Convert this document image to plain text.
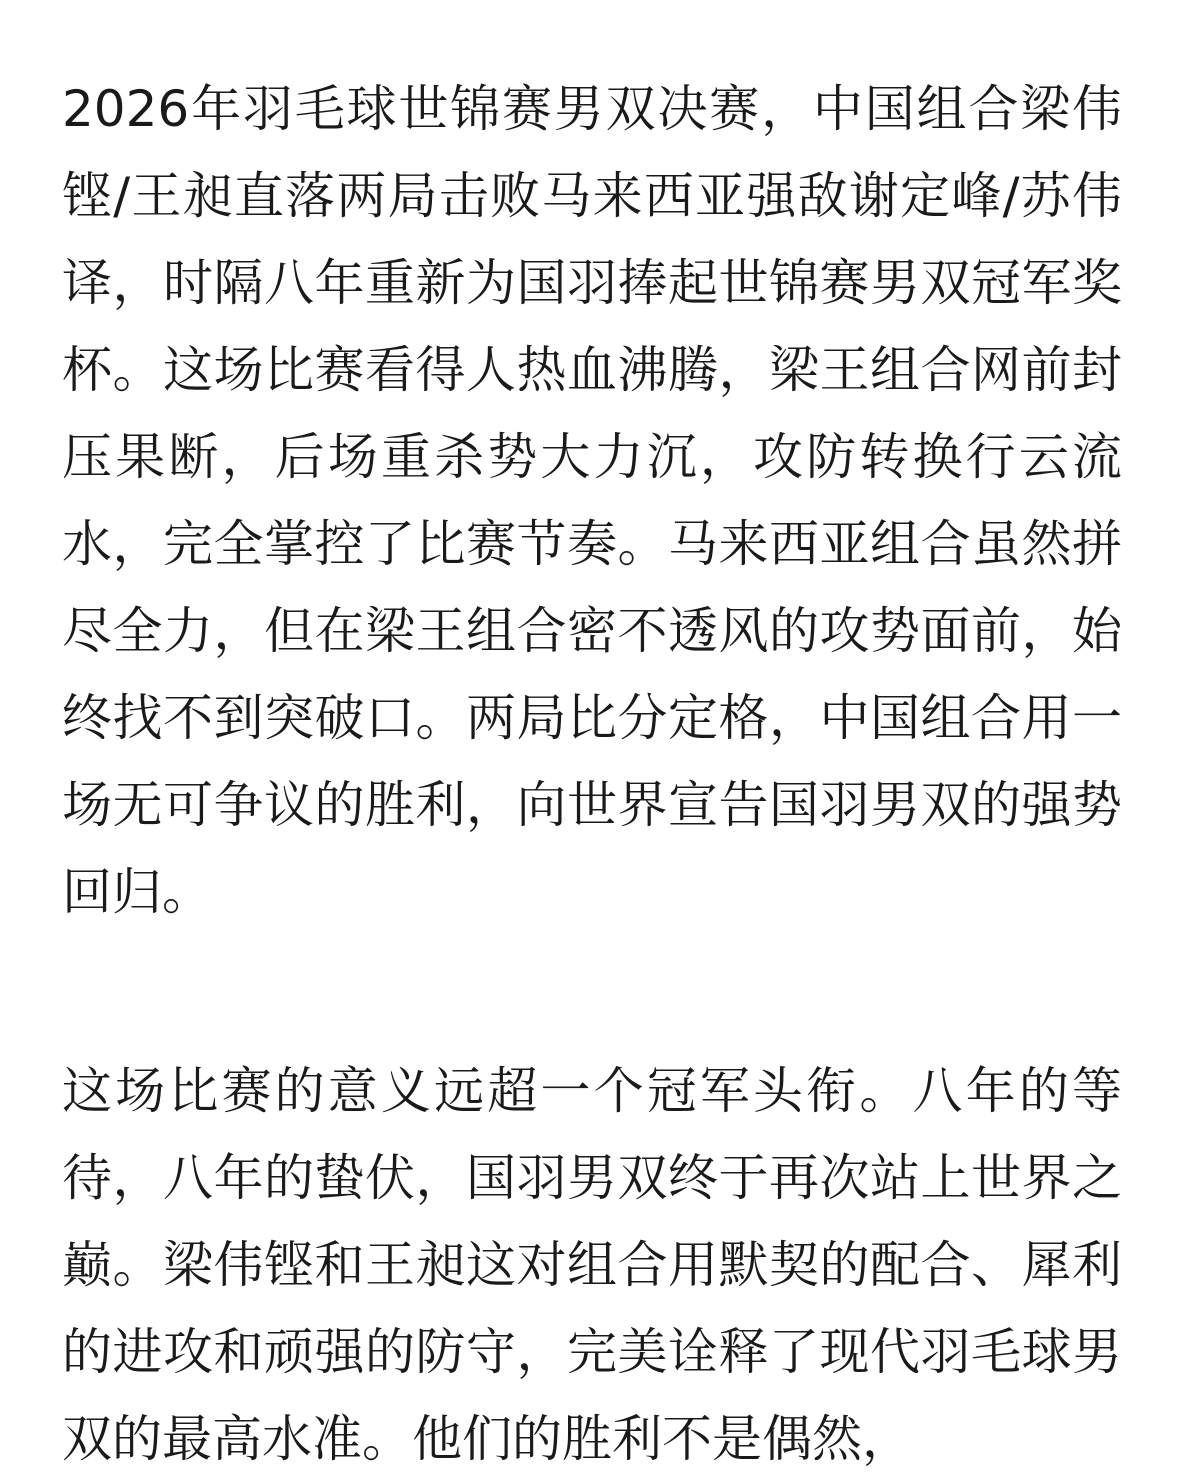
2026年羽毛球世锦赛男双决赛，中国组合梁伟铿/王昶直落两局击败马来西亚强敌谢定峰/苏伟译，时隔八年重新为国羽捧起世锦赛男双冠军奖杯。这场比赛看得人热血沸腾，梁王组合网前封压果断，后场重杀势大力沉，攻防转换行云流水，完全掌控了比赛节奏。马来西亚组合虽然拼尽全力，但在梁王组合密不透风的攻势面前，始终找不到突破口。两局比分定格，中国组合用一场无可争议的胜利，向世界宣告国羽男双的强势回归。

这场比赛的意义远超一个冠军头衔。八年的等待，八年的蛰伏，国羽男双终于再次站上世界之巅。梁伟铿和王昶这对组合用默契的配合、犀利的进攻和顽强的防守，完美诠释了现代羽毛球男双的最高水准。他们的胜利不是偶然，
